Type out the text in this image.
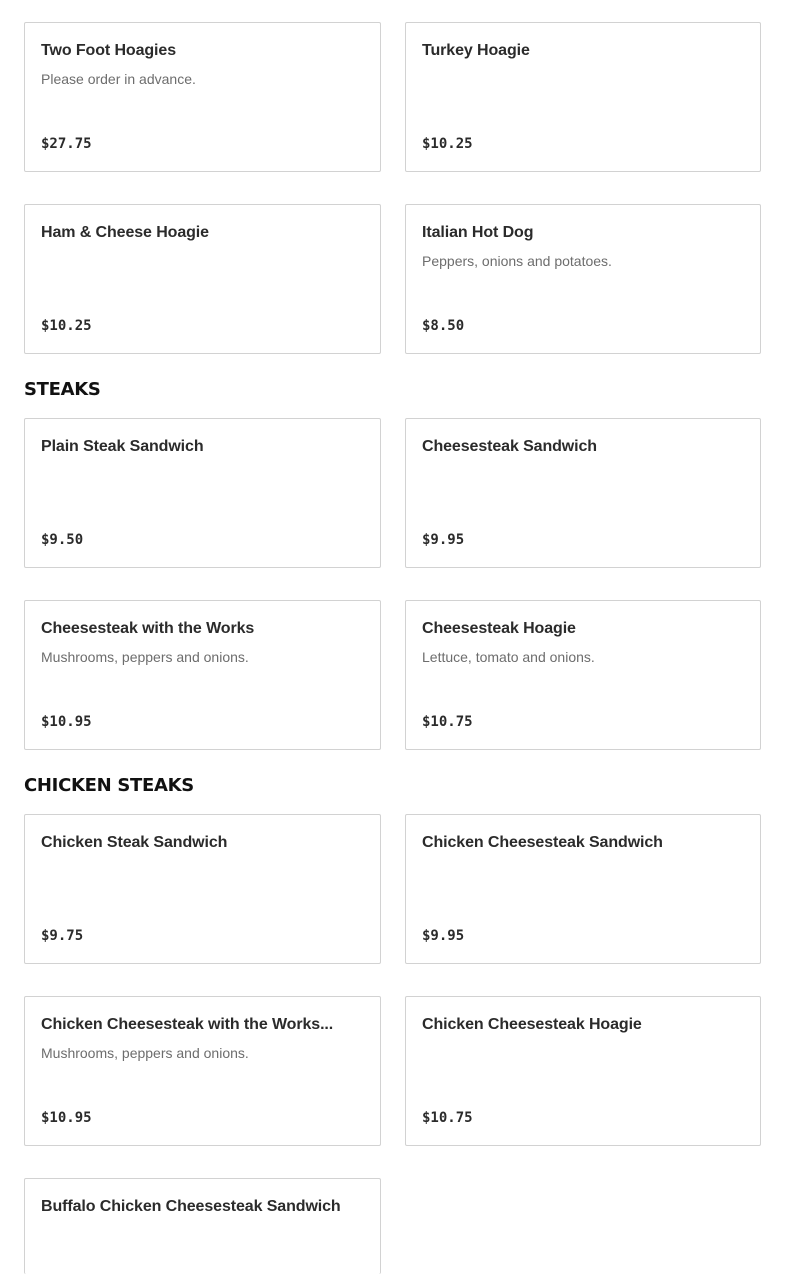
Two Foot Hoagies
Please order in advance.
$27.75
Turkey Hoagie
$10.25
Ham & Cheese Hoagie
$10.25
Italian Hot Dog
Peppers, onions and potatoes.
$8.50
STEAKS
Plain Steak Sandwich
$9.50
Cheesesteak Sandwich
$9.95
Cheesesteak with the Works
Mushrooms, peppers and onions.
$10.95
Cheesesteak Hoagie
Lettuce, tomato and onions.
$10.75
CHICKEN STEAKS
Chicken Steak Sandwich
$9.75
Chicken Cheesesteak Sandwich
$9.95
Chicken Cheesesteak with the Works...
Mushrooms, peppers and onions.
$10.95
Chicken Cheesesteak Hoagie
$10.75
Buffalo Chicken Cheesesteak Sandwich
